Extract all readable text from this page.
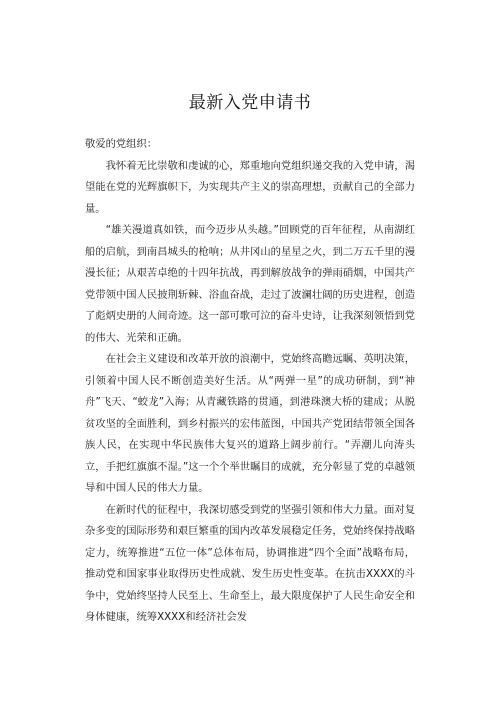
最新入党申请书

敬爱的党组织：

我怀着无比崇敬和虔诚的心，郑重地向党组织递交我的入党申请，渴望能在党的光辉旗帜下，为实现共产主义的崇高理想，贡献自己的全部力量。

“雄关漫道真如铁，而今迈步从头越。”回顾党的百年征程，从南湖红船的启航，到南昌城头的枪响；从井冈山的星星之火，到二万五千里的漫漫长征；从艰苦卓绝的十四年抗战，再到解放战争的弹雨硝烟，中国共产党带领中国人民披荆斩棘、浴血奋战，走过了波澜壮阔的历史进程，创造了彪炳史册的人间奇迹。这一部可歌可泣的奋斗史诗，让我深刻领悟到党的伟大、光荣和正确。

在社会主义建设和改革开放的浪潮中，党始终高瞻远瞩、英明决策，引领着中国人民不断创造美好生活。从“两弹一星”的成功研制，到“神舟”飞天、“蛟龙”入海；从青藏铁路的贯通，到港珠澳大桥的建成；从脱贫攻坚的全面胜利，到乡村振兴的宏伟蓝图，中国共产党团结带领全国各族人民，在实现中华民族伟大复兴的道路上阔步前行。“弄潮儿向涛头立，手把红旗旗不湿。”这一个个举世瞩目的成就，充分彰显了党的卓越领导和中国人民的伟大力量。

在新时代的征程中，我深切感受到党的坚强引领和伟大力量。面对复杂多变的国际形势和艰巨繁重的国内改革发展稳定任务，党始终保持战略定力，统筹推进“五位一体”总体布局，协调推进“四个全面”战略布局，推动党和国家事业取得历史性成就、发生历史性变革。在抗击XXXX的斗争中，党始终坚持人民至上、生命至上，最大限度保护了人民生命安全和身体健康，统筹XXXX和经济社会发
